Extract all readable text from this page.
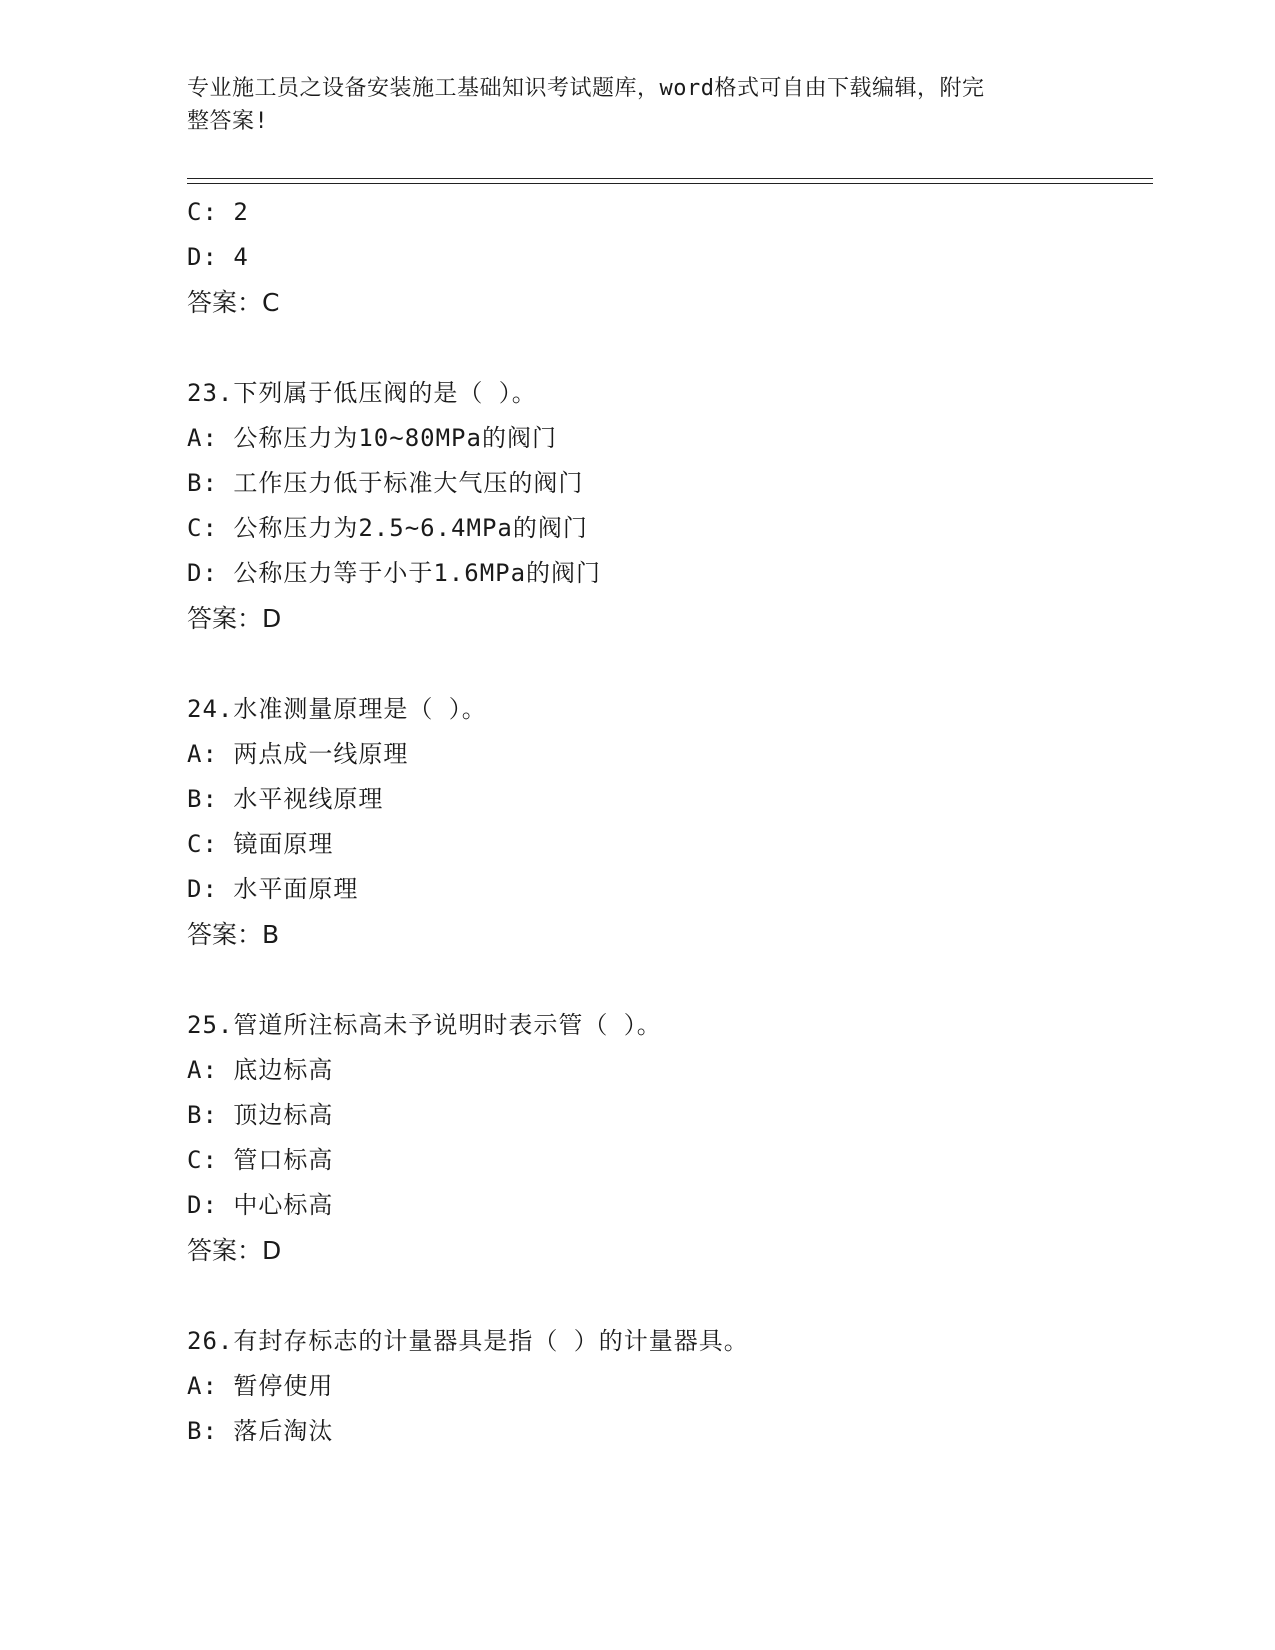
专业施工员之设备安装施工基础知识考试题库，word格式可自由下载编辑，附完
整答案!
C: 2
D: 4
答案：C
23.下列属于低压阀的是（ ）。
A: 公称压力为10~80MPa的阀门
B: 工作压力低于标准大气压的阀门
C: 公称压力为2.5~6.4MPa的阀门
D: 公称压力等于小于1.6MPa的阀门
答案：D
24.水准测量原理是（ ）。
A: 两点成一线原理
B: 水平视线原理
C: 镜面原理
D: 水平面原理
答案：B
25.管道所注标高未予说明时表示管（ ）。
A: 底边标高
B: 顶边标高
C: 管口标高
D: 中心标高
答案：D
26.有封存标志的计量器具是指（ ）的计量器具。
A: 暂停使用
B: 落后淘汰
